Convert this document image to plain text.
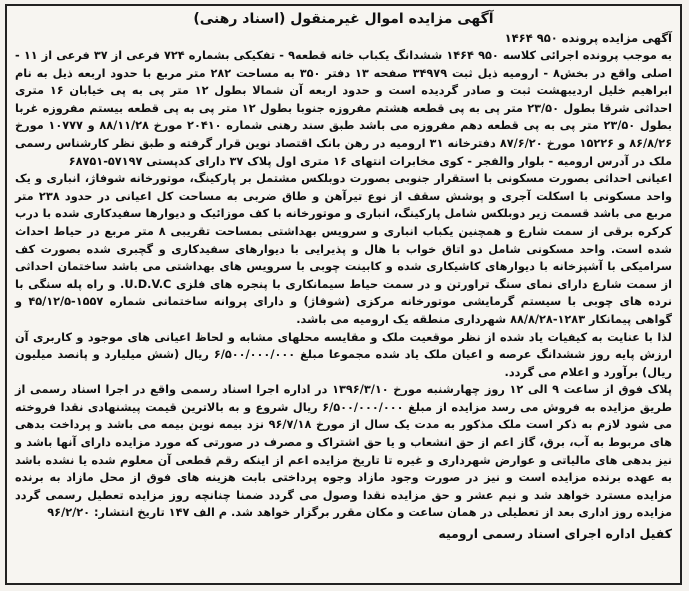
آگهی مزایده اموال غیرمنقول (اسناد رهنی)
آگهی مزایده پرونده ۹۵۰ ۱۴۶۴

به موجب پرونده اجرائی کلاسه ۹۵۰ ۱۴۶۴ ششدانگ یکباب خانه قطعه۹ - تفکیکی بشماره ۷۲۴ فرعی از ۳۷ فرعی از ۱۱ - اصلی واقع در بخش۸ - ارومیه ذیل ثبت ۳۴۹۷۹ صفحه ۱۳ دفتر ۳۵۰ به مساحت ۲۸۲ متر مربع با حدود اربعه ذیل به نام ابراهیم خلیل اردیبهشت ثبت و صادر گردیده است و حدود اربعه آن شمالا بطول ۱۲ متر پی به پی خیابان ۱۶ متری احداثی شرقا بطول ۲۳/۵۰ متر پی به پی قطعه هشتم مفروزه جنوبا بطول ۱۲ متر پی به پی قطعه بیستم مفروزه غربا بطول ۲۳/۵۰ متر پی به پی قطعه دهم مفروزه می باشد طبق سند رهنی شماره ۲۰۴۱۰ مورخ ۸۸/۱۱/۲۸ و ۱۰۷۷۷ مورخ ۸۶/۸/۲۶ و ۱۵۲۲۶ مورخ ۸۷/۶/۲۰ دفترخانه ۳۱ ارومیه در رهن بانک اقتصاد نوین قرار گرفته و طبق نظر کارشناس رسمی ملک در آدرس ارومیه - بلوار والفجر - کوی مخابرات انتهای ۱۶ متری اول پلاک ۳۷ دارای کدپستی ۵۷۱۹۷-۶۸۷۵۱

اعیانی احداثی بصورت مسکونی با استقرار جنوبی بصورت دوبلکس مشتمل بر پارکینگ، موتورخانه شوفاژ، انباری و یک واحد مسکونی با اسکلت آجری و پوشش سقف از نوع تیرآهن و طاق ضربی به مساحت کل اعیانی در حدود ۲۳۸ متر مربع می باشد قسمت زیر دوبلکس شامل پارکینگ، انباری و موتورخانه با کف موزائیک و دیوارها سفیدکاری شده با درب کرکره برقی از سمت شارع و همچنین یکباب انباری و سرویس بهداشتی بمساحت تقریبی ۸ متر مربع در حیاط احداث شده است. واحد مسکونی شامل دو اتاق خواب با هال و پذیرایی با دیوارهای سفیدکاری و گچبری شده بصورت کف سرامیکی با آشپزخانه با دیوارهای کاشیکاری شده و کابینت چوبی با سرویس های بهداشتی می باشد ساختمان احداثی از سمت شارع دارای نمای سنگ تراورتن و در سمت حیاط سیمانکاری با پنجره های فلزی U.D.V.C. و راه پله سنگی با نرده های چوبی با سیستم گرمایشی موتورخانه مرکزی (شوفاژ) و دارای پروانه ساختمانی شماره ۱۵۵۷-۴۵/۱۲/۵ و گواهی پیمانکار ۱۲۸۳-۸۸/۸/۲۸ شهرداری منطقه یک ارومیه می باشد.

لذا با عنایت به کیفیات یاد شده از نظر موقعیت ملک و مقایسه محلهای مشابه و لحاظ اعیانی های موجود و کاربری آن ارزش پایه روز ششدانگ عرصه و اعیان ملک یاد شده مجموعا مبلغ ۶/۵۰۰/۰۰۰/۰۰۰ ریال (شش میلیارد و پانصد میلیون ریال) برآورد و اعلام می گردد.

پلاک فوق از ساعت ۹ الی ۱۲ روز چهارشنبه مورخ ۱۳۹۶/۳/۱۰ در اداره اجرا اسناد رسمی واقع در اجرا اسناد رسمی از طریق مزایده به فروش می رسد مزایده از مبلغ ۶/۵۰۰/۰۰۰/۰۰۰ ریال شروع و به بالاترین قیمت پیشنهادی نقدا فروخته می شود لازم به ذکر است ملک مذکور به مدت یک سال از مورخ ۹۶/۷/۱۸ نزد بیمه نوین بیمه می باشد و پرداخت بدهی های مربوط به آب، برق، گاز اعم از حق انشعاب و یا حق اشتراک و مصرف در صورتی که مورد مزایده دارای آنها باشد و نیز بدهی های مالیاتی و عوارض شهرداری و غیره تا تاریخ مزایده اعم از اینکه رقم قطعی آن معلوم شده یا نشده باشد به عهده برنده مزایده است و نیز در صورت وجود مازاد وجوه پرداختی بابت هزینه های فوق از محل مازاد به برنده مزایده مسترد خواهد شد و نیم عشر و حق مزایده نقدا وصول می گردد ضمنا چنانچه روز مزایده تعطیل رسمی گردد مزایده روز اداری بعد از تعطیلی در همان ساعت و مکان مقرر برگزار خواهد شد. م الف ۱۴۷ تاریخ انتشار: ۹۶/۲/۲۰

کفیل اداره اجرای اسناد رسمی ارومیه
